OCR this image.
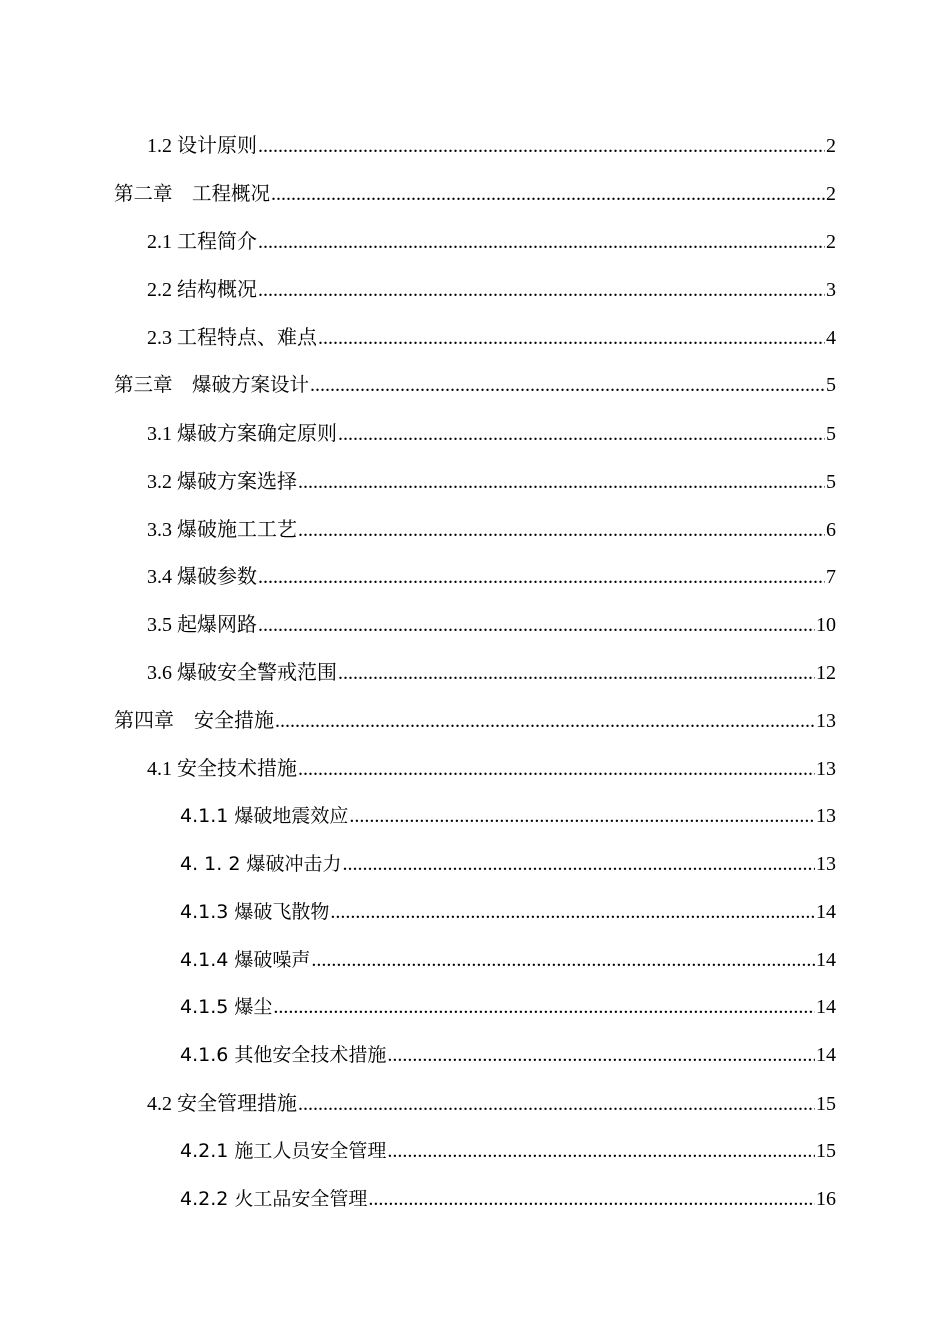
1.2 设计原则 .....	2
第二章　工程概况 .....	2
2.1 工程简介 .....	2
2.2 结构概况 .....	3
2.3 工程特点、难点 .....	4
第三章　爆破方案设计 .....	5
3.1 爆破方案确定原则 .....	5
3.2 爆破方案选择 .....	5
3.3 爆破施工工艺 .....	6
3.4 爆破参数 .....	7
3.5 起爆网路 .....	10
3.6 爆破安全警戒范围 .....	12
第四章　安全措施 .....	13
4.1 安全技术措施 .....	13
4.1.1 爆破地震效应 .....	13
4. 1. 2 爆破冲击力 .....	13
4.1.3 爆破飞散物 .....	14
4.1.4 爆破噪声 .....	14
4.1.5 爆尘 .....	14
4.1.6 其他安全技术措施 .....	14
4.2 安全管理措施 .....	15
4.2.1 施工人员安全管理 .....	15
4.2.2 火工品安全管理 .....	16
